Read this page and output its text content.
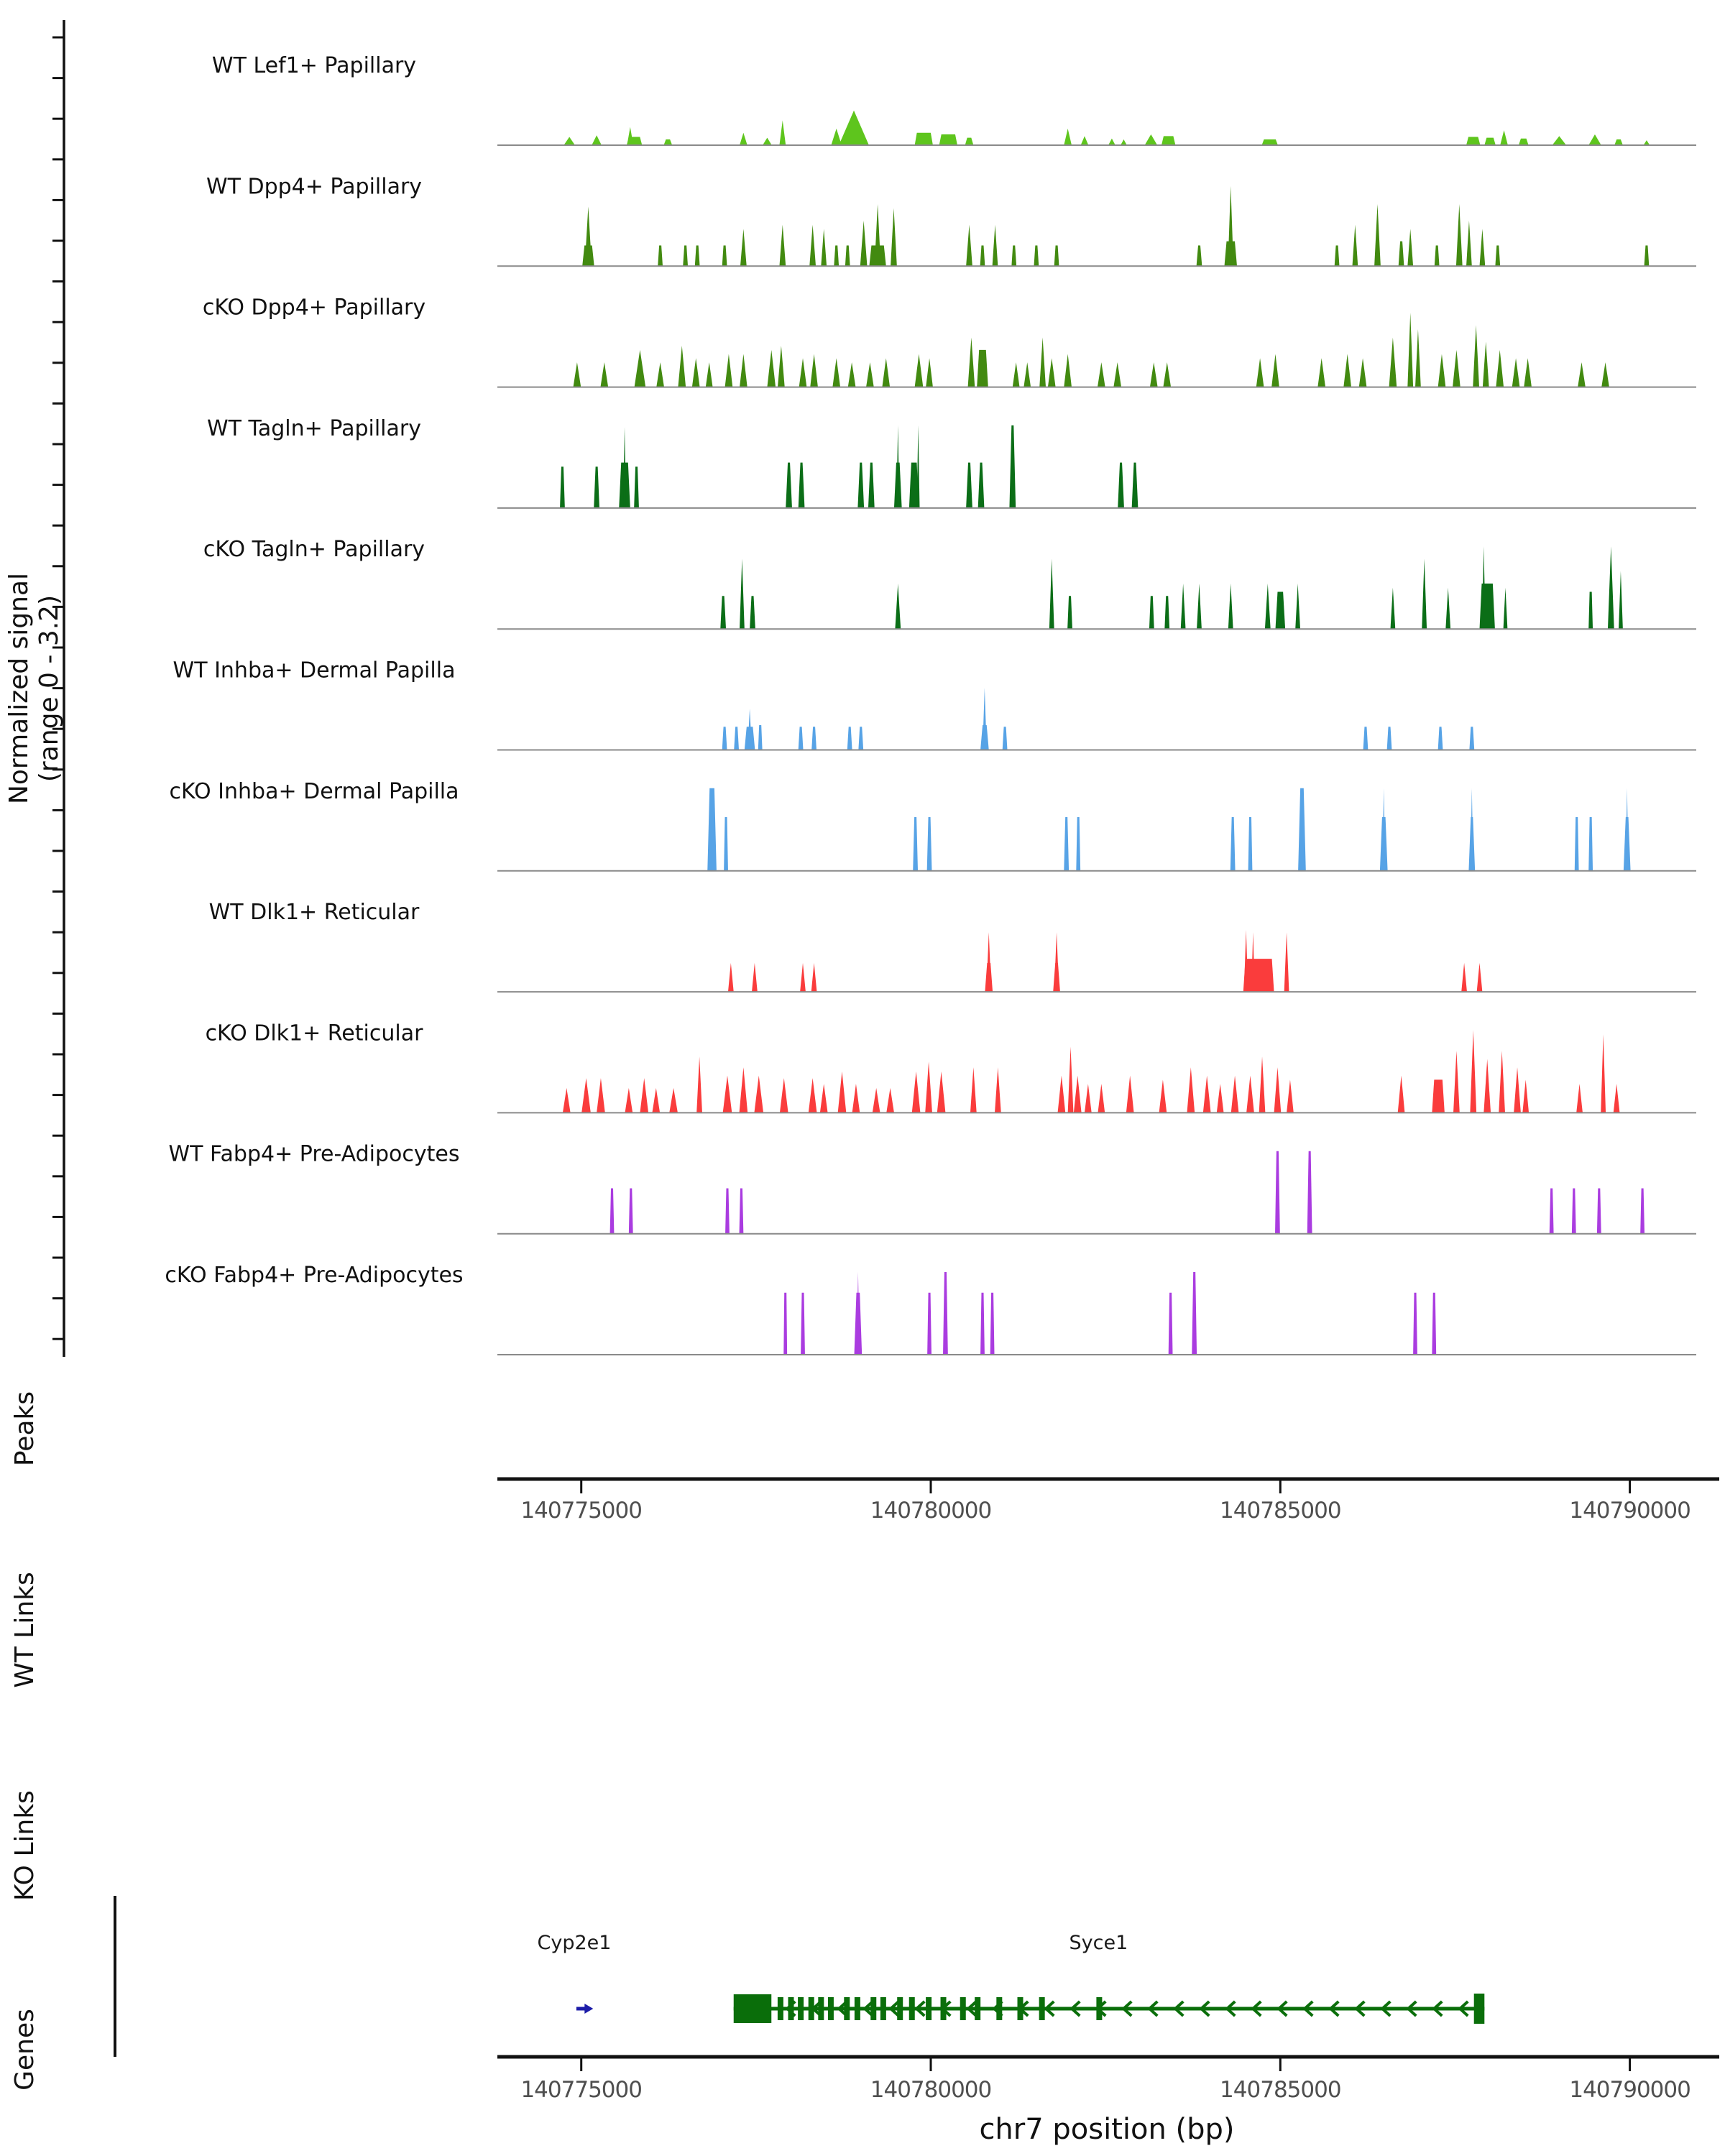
WT Lef1+ Papillary
WT Dpp4+ Papillary
cKO Dpp4+ Papillary
WT Tagln+ Papillary
cKO Tagln+ Papillary
WT Inhba+ Dermal Papilla
cKO Inhba+ Dermal Papilla
WT Dlk1+ Reticular
cKO Dlk1+ Reticular
WT Fabp4+ Pre-Adipocytes
cKO Fabp4+ Pre-Adipocytes
140775000	140780000	140785000	140790000
Cyp2e1	Syce1
140775000	140780000	140785000	140790000
Normalized signal (range 0 - 3.2)
Peaks
WT Links
KO Links
Genes
chr7 position (bp)
